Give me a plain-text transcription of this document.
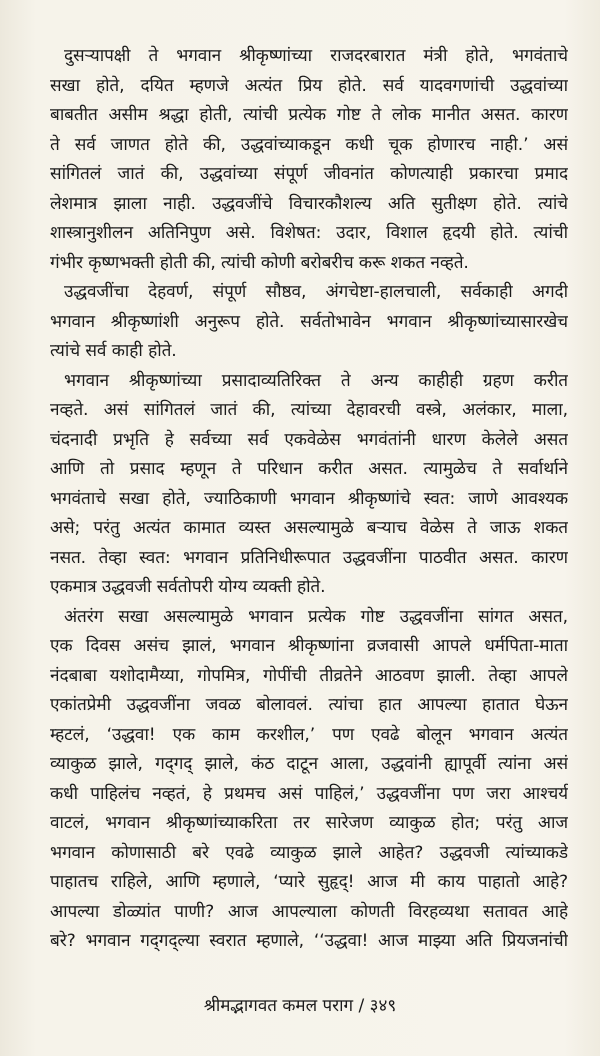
दुसऱ्यापक्षी ते भगवान श्रीकृष्णांच्या राजदरबारात मंत्री होते, भगवंताचे
सखा होते, दयित म्हणजे अत्यंत प्रिय होते. सर्व यादवगणांची उद्धवांच्या
बाबतीत असीम श्रद्धा होती, त्यांची प्रत्येक गोष्ट ते लोक मानीत असत. कारण
ते सर्व जाणत होते की, उद्धवांच्याकडून कधी चूक होणारच नाही.’ असं
सांगितलं जातं की, उद्धवांच्या संपूर्ण जीवनांत कोणत्याही प्रकारचा प्रमाद
लेशमात्र झाला नाही. उद्धवजींचे विचारकौशल्य अति सुतीक्ष्ण होते. त्यांचे
शास्त्रानुशीलन अतिनिपुण असे. विशेषत: उदार, विशाल हृदयी होते. त्यांची
गंभीर कृष्णभक्ती होती की, त्यांची कोणी बरोबरीच करू शकत नव्हते.
उद्धवजींचा देहवर्ण, संपूर्ण सौष्ठव, अंगचेष्टा-हालचाली, सर्वकाही अगदी
भगवान श्रीकृष्णांशी अनुरूप होते. सर्वतोभावेन भगवान श्रीकृष्णांच्यासारखेच
त्यांचे सर्व काही होते.
भगवान श्रीकृष्णांच्या प्रसादाव्यतिरिक्त ते अन्य काहीही ग्रहण करीत
नव्हते. असं सांगितलं जातं की, त्यांच्या देहावरची वस्त्रे, अलंकार, माला,
चंदनादी प्रभृति हे सर्वच्या सर्व एकवेळेस भगवंतांनी धारण केलेले असत
आणि तो प्रसाद म्हणून ते परिधान करीत असत. त्यामुळेच ते सर्वार्थाने
भगवंताचे सखा होते, ज्याठिकाणी भगवान श्रीकृष्णांचे स्वत: जाणे आवश्यक
असे; परंतु अत्यंत कामात व्यस्त असल्यामुळे बऱ्याच वेळेस ते जाऊ शकत
नसत. तेव्हा स्वत: भगवान प्रतिनिधीरूपात उद्धवजींना पाठवीत असत. कारण
एकमात्र उद्धवजी सर्वतोपरी योग्य व्यक्ती होते.
अंतरंग सखा असल्यामुळे भगवान प्रत्येक गोष्ट उद्धवजींना सांगत असत,
एक दिवस असंच झालं, भगवान श्रीकृष्णांना व्रजवासी आपले धर्मपिता-माता
नंदबाबा यशोदामैय्या, गोपमित्र, गोपींची तीव्रतेने आठवण झाली. तेव्हा आपले
एकांतप्रेमी उद्धवजींना जवळ बोलावलं. त्यांचा हात आपल्या हातात घेऊन
म्हटलं, ‘उद्धवा! एक काम करशील,’ पण एवढे बोलून भगवान अत्यंत
व्याकुळ झाले, गद्‌गद् झाले, कंठ दाटून आला, उद्धवांनी ह्यापूर्वी त्यांना असं
कधी पाहिलंच नव्हतं, हे प्रथमच असं पाहिलं,’ उद्धवजींना पण जरा आश्चर्य
वाटलं, भगवान श्रीकृष्णांच्याकरिता तर सारेजण व्याकुळ होत; परंतु आज
भगवान कोणासाठी बरे एवढे व्याकुळ झाले आहेत? उद्धवजी त्यांच्याकडे
पाहातच राहिले, आणि म्हणाले, ‘प्यारे सुहृद्! आज मी काय पाहातो आहे?
आपल्या डोळ्यांत पाणी? आज आपल्याला कोणती विरहव्यथा सतावत आहे
बरे? भगवान गद्‌गद्‌ल्या स्वरात म्हणाले, ‘‘उद्धवा! आज माझ्या अति प्रियजनांची
श्रीमद्भागवत कमल पराग / ३४९
